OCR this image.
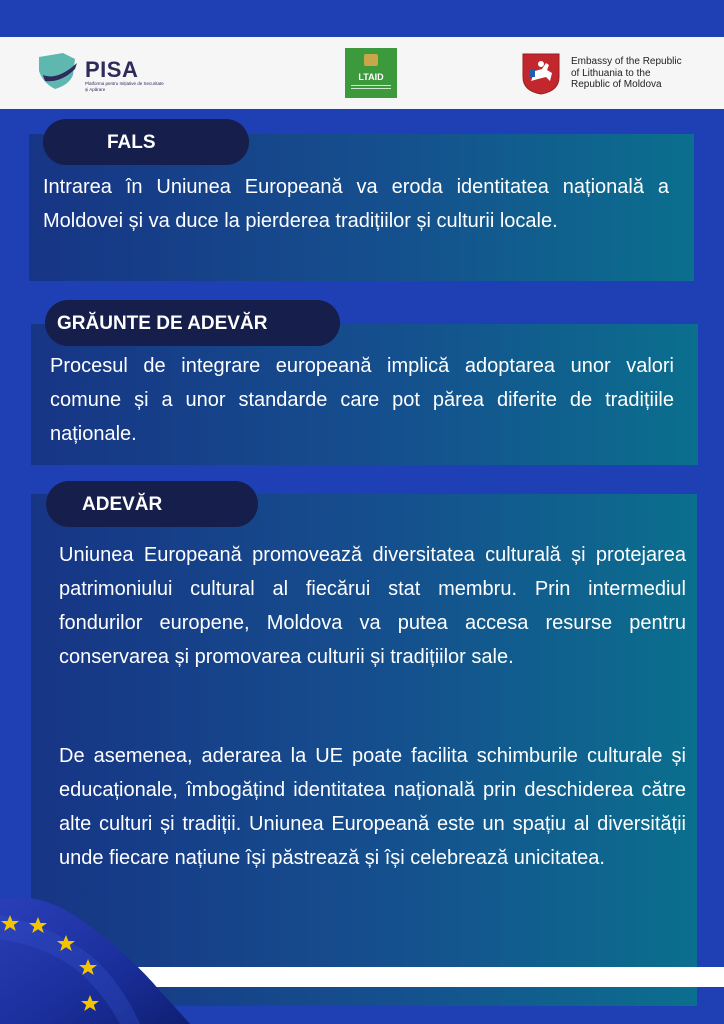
PISA
Platforma pentru Inițiative de Securitate și Apărare
LTAID
Embassy of the Republic
of Lithuania to the
Republic of Moldova
FALS

Intrarea în Uniunea Europeană va eroda identitatea națională a Moldovei și va duce la pierderea tradițiilor și culturii locale.

GRĂUNTE DE ADEVĂR

Procesul de integrare europeană implică adoptarea unor valori comune și a unor standarde care pot părea diferite de tradițiile naționale.

ADEVĂR

Uniunea Europeană promovează diversitatea culturală și protejarea patrimoniului cultural al fiecărui stat membru. Prin intermediul fondurilor europene, Moldova va putea accesa resurse pentru conservarea și promovarea culturii și tradițiilor sale.

De asemenea, aderarea la UE poate facilita schimburile culturale și educaționale, îmbogățind identitatea națională prin deschiderea către alte culturi și tradiții. Uniunea Europeană este un spațiu al diversității unde fiecare națiune își păstrează și își celebrează unicitatea.
